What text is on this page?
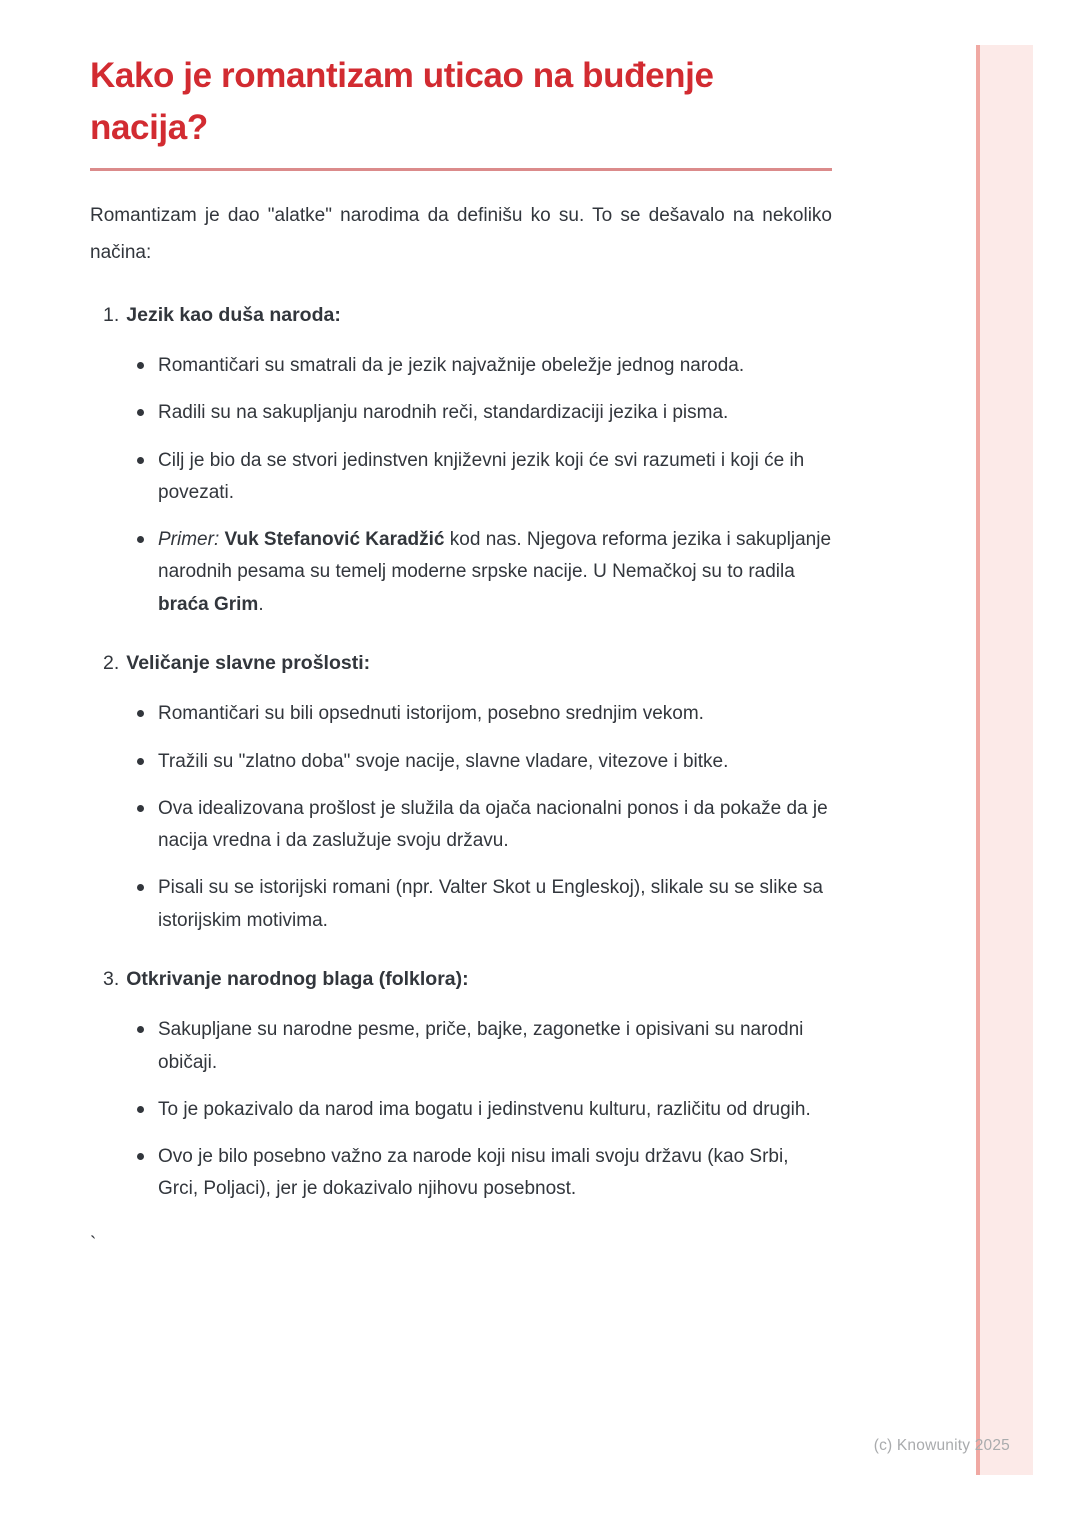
Kako je romantizam uticao na buđenje nacija?

Romantizam je dao "alatke" narodima da definišu ko su. To se dešavalo na nekoliko načina:

1. Jezik kao duša naroda:
Romantičari su smatrali da je jezik najvažnije obeležje jednog naroda.
Radili su na sakupljanju narodnih reči, standardizaciji jezika i pisma.
Cilj je bio da se stvori jedinstven književni jezik koji će svi razumeti i koji će ih povezati.
Primer: Vuk Stefanović Karadžić kod nas. Njegova reforma jezika i sakupljanje narodnih pesama su temelj moderne srpske nacije. U Nemačkoj su to radila braća Grim.
2. Veličanje slavne prošlosti:
Romantičari su bili opsednuti istorijom, posebno srednjim vekom.
Tražili su "zlatno doba" svoje nacije, slavne vladare, vitezove i bitke.
Ova idealizovana prošlost je služila da ojača nacionalni ponos i da pokaže da je nacija vredna i da zaslužuje svoju državu.
Pisali su se istorijski romani (npr. Valter Skot u Engleskoj), slikale su se slike sa istorijskim motivima.
3. Otkrivanje narodnog blaga (folklora):
Sakupljane su narodne pesme, priče, bajke, zagonetke i opisivani su narodni običaji.
To je pokazivalo da narod ima bogatu i jedinstvenu kulturu, različitu od drugih.
Ovo je bilo posebno važno za narode koji nisu imali svoju državu (kao Srbi, Grci, Poljaci), jer je dokazivalo njihovu posebnost.
`
(c) Knowunity 2025
